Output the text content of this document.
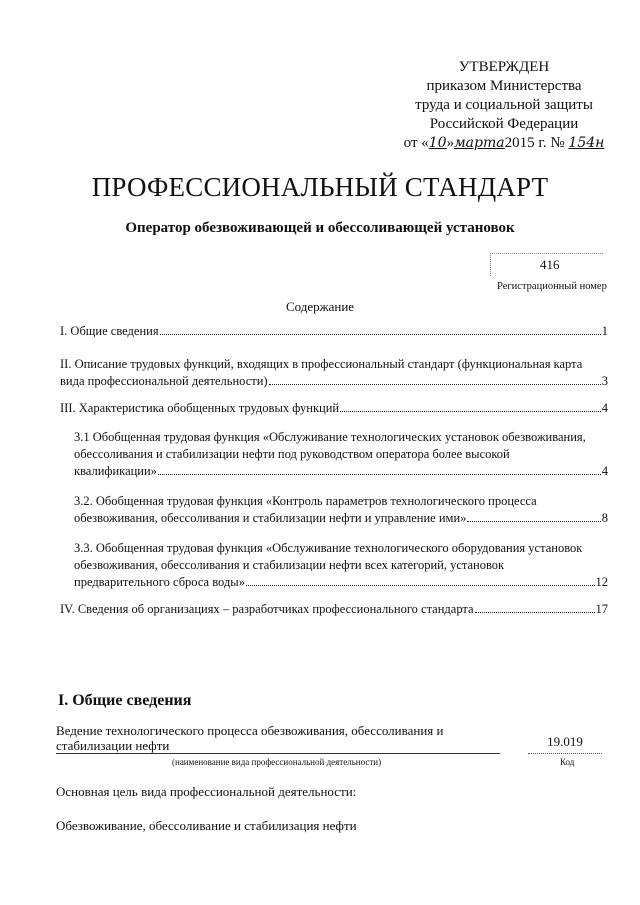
УТВЕРЖДЕН
приказом Министерства
труда и социальной защиты
Российской Федерации
от «10»марта2015 г. № 154н
ПРОФЕССИОНАЛЬНЫЙ СТАНДАРТ
Оператор обезвоживающей и обессоливающей установок
416
Регистрационный номер
Содержание
I. Общие сведения	1
II. Описание трудовых функций, входящих в профессиональный стандарт (функциональная карта
вида профессиональной деятельности)	3
III. Характеристика обобщенных трудовых функций	4
3.1 Обобщенная трудовая функция «Обслуживание технологических установок обезвоживания,
обессоливания и стабилизации нефти под руководством оператора более высокой
квалификации»	4
3.2. Обобщенная трудовая функция «Контроль параметров технологического процесса
обезвоживания, обессоливания и стабилизации нефти и управление ими»	8
3.3. Обобщенная трудовая функция «Обслуживание технологического оборудования установок
обезвоживания, обессоливания и стабилизации нефти всех категорий, установок
предварительного сброса воды»	12
IV. Сведения об организациях – разработчиках профессионального стандарта	17
I. Общие сведения
Ведение технологического процесса обезвоживания, обессоливания и
стабилизации нефти	19.019
(наименование вида профессиональной деятельности)	Код
Основная цель вида профессиональной деятельности:
Обезвоживание, обессоливание и стабилизация нефти
